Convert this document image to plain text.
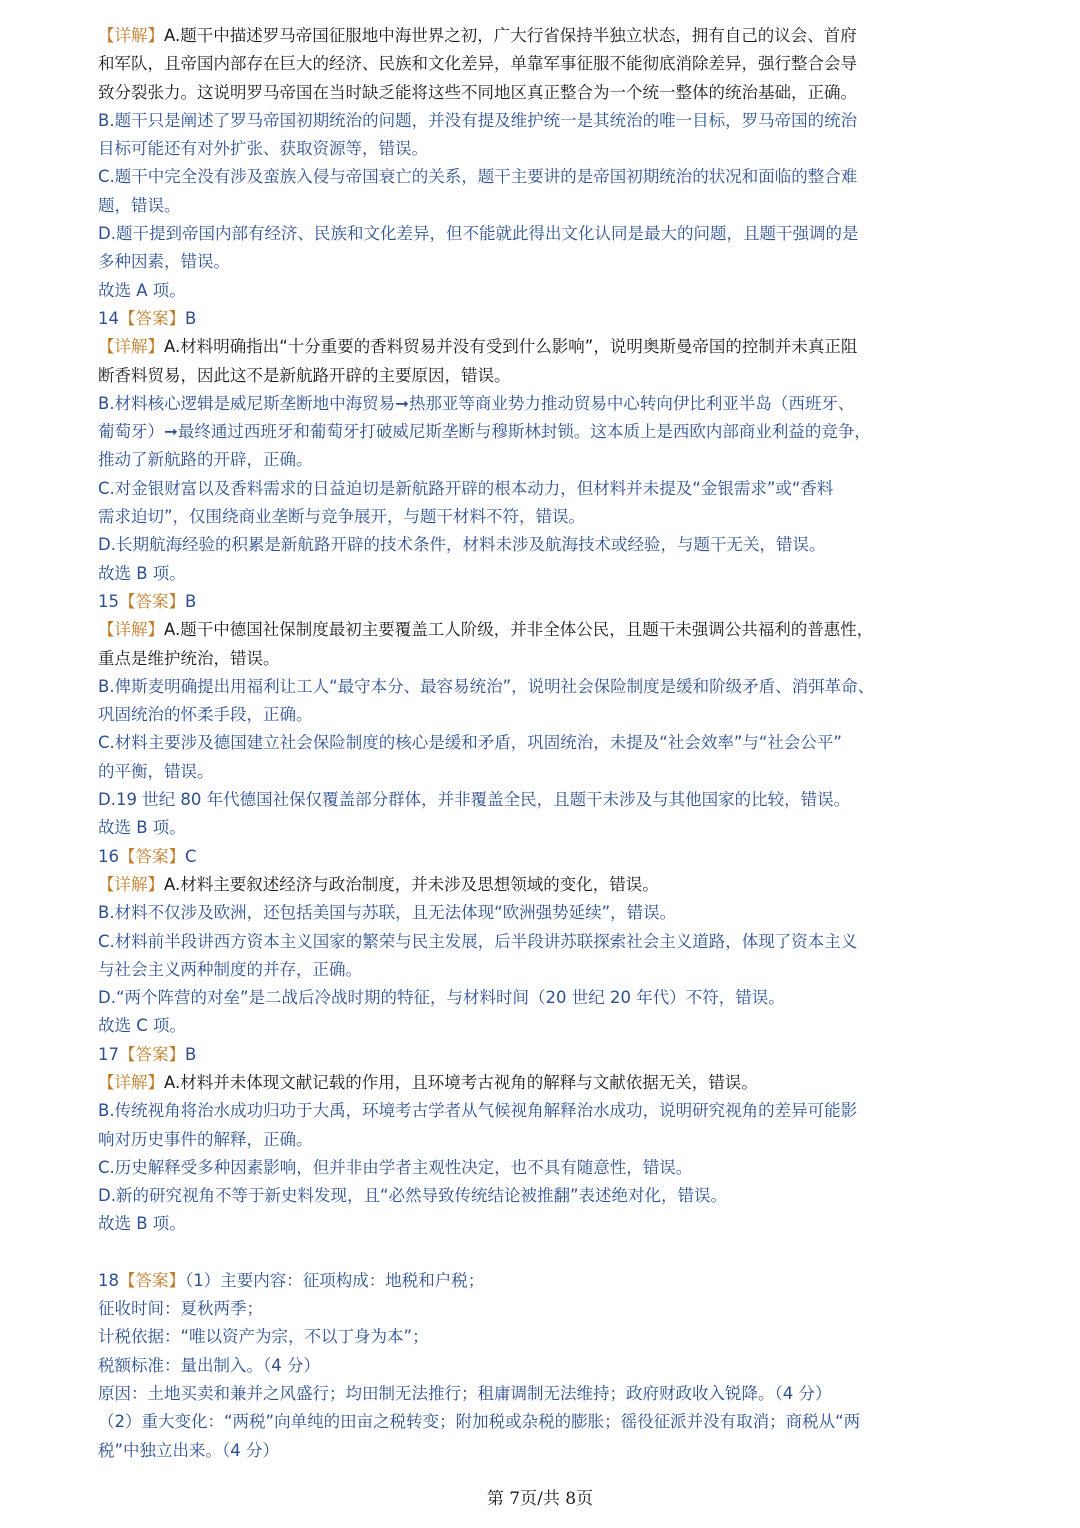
【详解】A.题干中描述罗马帝国征服地中海世界之初，广大行省保持半独立状态，拥有自己的议会、首府
和军队，且帝国内部存在巨大的经济、民族和文化差异，单靠军事征服不能彻底消除差异，强行整合会导
致分裂张力。这说明罗马帝国在当时缺乏能将这些不同地区真正整合为一个统一整体的统治基础，正确。
B.题干只是阐述了罗马帝国初期统治的问题，并没有提及维护统一是其统治的唯一目标，罗马帝国的统治
目标可能还有对外扩张、获取资源等，错误。
C.题干中完全没有涉及蛮族入侵与帝国衰亡的关系，题干主要讲的是帝国初期统治的状况和面临的整合难
题，错误。
D.题干提到帝国内部有经济、民族和文化差异，但不能就此得出文化认同是最大的问题，且题干强调的是
多种因素，错误。
故选 A 项。
14【答案】B
【详解】A.材料明确指出“十分重要的香料贸易并没有受到什么影响”，说明奥斯曼帝国的控制并未真正阻
断香料贸易，因此这不是新航路开辟的主要原因，错误。
B.材料核心逻辑是威尼斯垄断地中海贸易➞热那亚等商业势力推动贸易中心转向伊比利亚半岛（西班牙、
葡萄牙）➞最终通过西班牙和葡萄牙打破威尼斯垄断与穆斯林封锁。这本质上是西欧内部商业利益的竞争，
推动了新航路的开辟，正确。
C.对金银财富以及香料需求的日益迫切是新航路开辟的根本动力，但材料并未提及“金银需求”或“香料
需求迫切”，仅围绕商业垄断与竞争展开，与题干材料不符，错误。
D.长期航海经验的积累是新航路开辟的技术条件，材料未涉及航海技术或经验，与题干无关，错误。
故选 B 项。
15【答案】B
【详解】A.题干中德国社保制度最初主要覆盖工人阶级，并非全体公民，且题干未强调公共福利的普惠性，
重点是维护统治，错误。
B.俾斯麦明确提出用福利让工人“最守本分、最容易统治”，说明社会保险制度是缓和阶级矛盾、消弭革命、
巩固统治的怀柔手段，正确。
C.材料主要涉及德国建立社会保险制度的核心是缓和矛盾，巩固统治，未提及“社会效率”与“社会公平”
的平衡，错误。
D.19 世纪 80 年代德国社保仅覆盖部分群体，并非覆盖全民，且题干未涉及与其他国家的比较，错误。
故选 B 项。
16【答案】C
【详解】A.材料主要叙述经济与政治制度，并未涉及思想领域的变化，错误。
B.材料不仅涉及欧洲，还包括美国与苏联，且无法体现“欧洲强势延续”，错误。
C.材料前半段讲西方资本主义国家的繁荣与民主发展，后半段讲苏联探索社会主义道路，体现了资本主义
与社会主义两种制度的并存，正确。
D.“两个阵营的对垒”是二战后冷战时期的特征，与材料时间（20 世纪 20 年代）不符，错误。
故选 C 项。
17【答案】B
【详解】A.材料并未体现文献记载的作用，且环境考古视角的解释与文献依据无关，错误。
B.传统视角将治水成功归功于大禹，环境考古学者从气候视角解释治水成功，说明研究视角的差异可能影
响对历史事件的解释，正确。
C.历史解释受多种因素影响，但并非由学者主观性决定，也不具有随意性，错误。
D.新的研究视角不等于新史料发现，且“必然导致传统结论被推翻”表述绝对化，错误。
故选 B 项。
18【答案】（1）主要内容：征项构成：地税和户税；
征收时间：夏秋两季；
计税依据：“唯以资产为宗，不以丁身为本”；
税额标准：量出制入。（4 分）
原因：土地买卖和兼并之风盛行；均田制无法推行；租庸调制无法维持；政府财政收入锐降。（4 分）
（2）重大变化：“两税”向单纯的田亩之税转变；附加税或杂税的膨胀；徭役征派并没有取消；商税从“两
税”中独立出来。（4 分）
第 7页/共 8页
